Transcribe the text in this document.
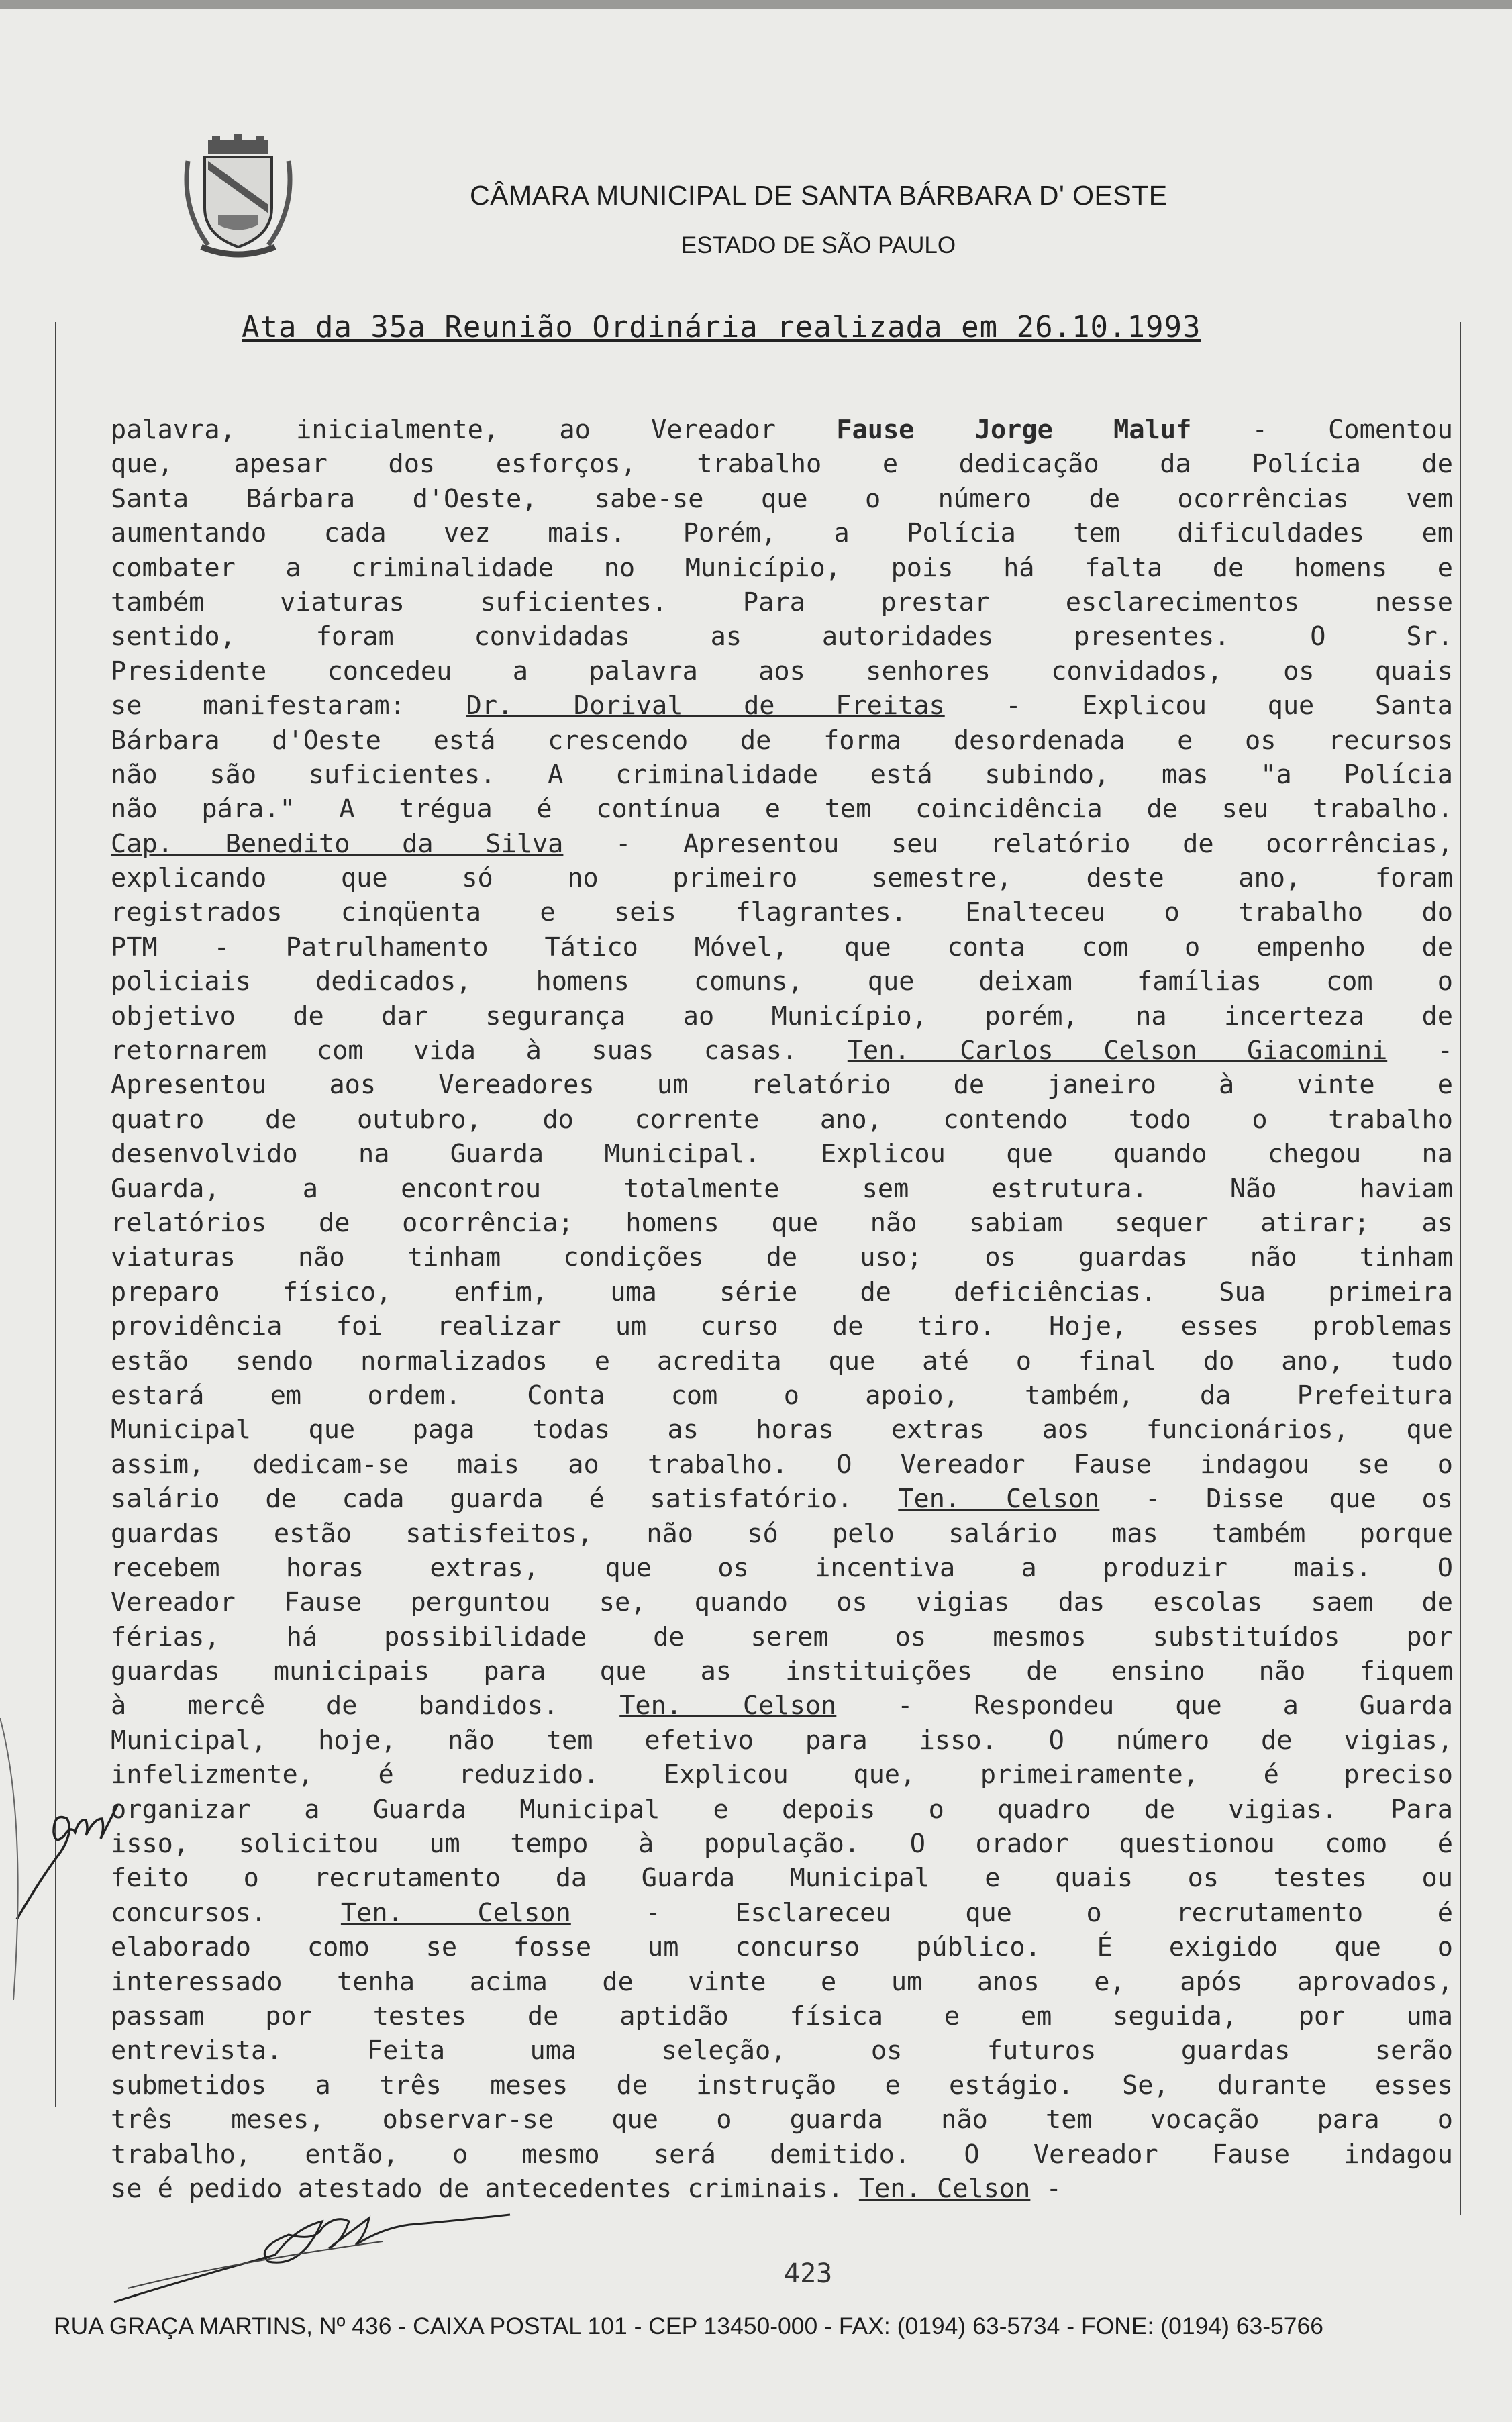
CÂMARA MUNICIPAL DE SANTA BÁRBARA D' OESTE
ESTADO DE SÃO PAULO
Ata da 35a Reunião Ordinária realizada em 26.10.1993
palavra, inicialmente, ao Vereador Fause Jorge Maluf - Comentou
que, apesar dos esforços, trabalho e dedicação da Polícia de
Santa Bárbara d'Oeste, sabe-se que o número de ocorrências vem
aumentando cada vez mais. Porém, a Polícia tem dificuldades em
combater a criminalidade no Município, pois há falta de homens e
também viaturas suficientes. Para prestar esclarecimentos nesse
sentido, foram convidadas as autoridades presentes. O Sr.
Presidente concedeu a palavra aos senhores convidados, os quais
se manifestaram: Dr. Dorival de Freitas - Explicou que Santa
Bárbara d'Oeste está crescendo de forma desordenada e os recursos
não são suficientes. A criminalidade está subindo, mas "a Polícia
não pára." A trégua é contínua e tem coincidência de seu trabalho.
Cap. Benedito da Silva - Apresentou seu relatório de ocorrências,
explicando que só no primeiro semestre, deste ano, foram
registrados cinqüenta e seis flagrantes. Enalteceu o trabalho do
PTM - Patrulhamento Tático Móvel, que conta com o empenho de
policiais dedicados, homens comuns, que deixam famílias com o
objetivo de dar segurança ao Município, porém, na incerteza de
retornarem com vida à suas casas. Ten. Carlos Celson Giacomini -
Apresentou aos Vereadores um relatório de janeiro à vinte e
quatro de outubro, do corrente ano, contendo todo o trabalho
desenvolvido na Guarda Municipal. Explicou que quando chegou na
Guarda, a encontrou totalmente sem estrutura. Não haviam
relatórios de ocorrência; homens que não sabiam sequer atirar; as
viaturas não tinham condições de uso; os guardas não tinham
preparo físico, enfim, uma série de deficiências. Sua primeira
providência foi realizar um curso de tiro. Hoje, esses problemas
estão sendo normalizados e acredita que até o final do ano, tudo
estará em ordem. Conta com o apoio, também, da Prefeitura
Municipal que paga todas as horas extras aos funcionários, que
assim, dedicam-se mais ao trabalho. O Vereador Fause indagou se o
salário de cada guarda é satisfatório. Ten. Celson - Disse que os
guardas estão satisfeitos, não só pelo salário mas também porque
recebem horas extras, que os incentiva a produzir mais. O
Vereador Fause perguntou se, quando os vigias das escolas saem de
férias, há possibilidade de serem os mesmos substituídos por
guardas municipais para que as instituições de ensino não fiquem
à mercê de bandidos. Ten. Celson - Respondeu que a Guarda
Municipal, hoje, não tem efetivo para isso. O número de vigias,
infelizmente, é reduzido. Explicou que, primeiramente, é preciso
organizar a Guarda Municipal e depois o quadro de vigias. Para
isso, solicitou um tempo à população. O orador questionou como é
feito o recrutamento da Guarda Municipal e quais os testes ou
concursos. Ten. Celson - Esclareceu que o recrutamento é
elaborado como se fosse um concurso público. É exigido que o
interessado tenha acima de vinte e um anos e, após aprovados,
passam por testes de aptidão física e em seguida, por uma
entrevista. Feita uma seleção, os futuros guardas serão
submetidos a três meses de instrução e estágio. Se, durante esses
três meses, observar-se que o guarda não tem vocação para o
trabalho, então, o mesmo será demitido. O Vereador Fause indagou
se é pedido atestado de antecedentes criminais. Ten. Celson -
423
RUA GRAÇA MARTINS, Nº 436 - CAIXA POSTAL 101 - CEP 13450-000 - FAX: (0194) 63-5734 - FONE: (0194) 63-5766
